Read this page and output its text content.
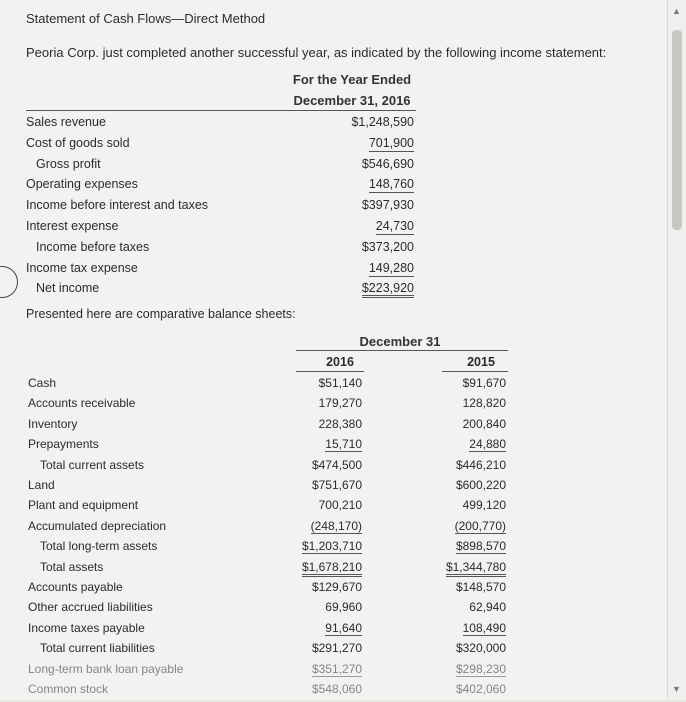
Statement of Cash Flows—Direct Method
Peoria Corp. just completed another successful year, as indicated by the following income statement:
For the Year Ended
December 31, 2016
Sales revenue	$1,248,590
Cost of goods sold	701,900
Gross profit	$546,690
Operating expenses	148,760
Income before interest and taxes	$397,930
Interest expense	24,730
Income before taxes	$373,200
Income tax expense	149,280
Net income	$223,920
Presented here are comparative balance sheets:
December 31
2016	2015
Cash	$51,140	$91,670
Accounts receivable	179,270	128,820
Inventory	228,380	200,840
Prepayments	15,710	24,880
Total current assets	$474,500	$446,210
Land	$751,670	$600,220
Plant and equipment	700,210	499,120
Accumulated depreciation	(248,170)	(200,770)
Total long-term assets	$1,203,710	$898,570
Total assets	$1,678,210	$1,344,780
Accounts payable	$129,670	$148,570
Other accrued liabilities	69,960	62,940
Income taxes payable	91,640	108,490
Total current liabilities	$291,270	$320,000
Long-term bank loan payable	$351,270	$298,230
Common stock	$548,060	$402,060
▲
▼
